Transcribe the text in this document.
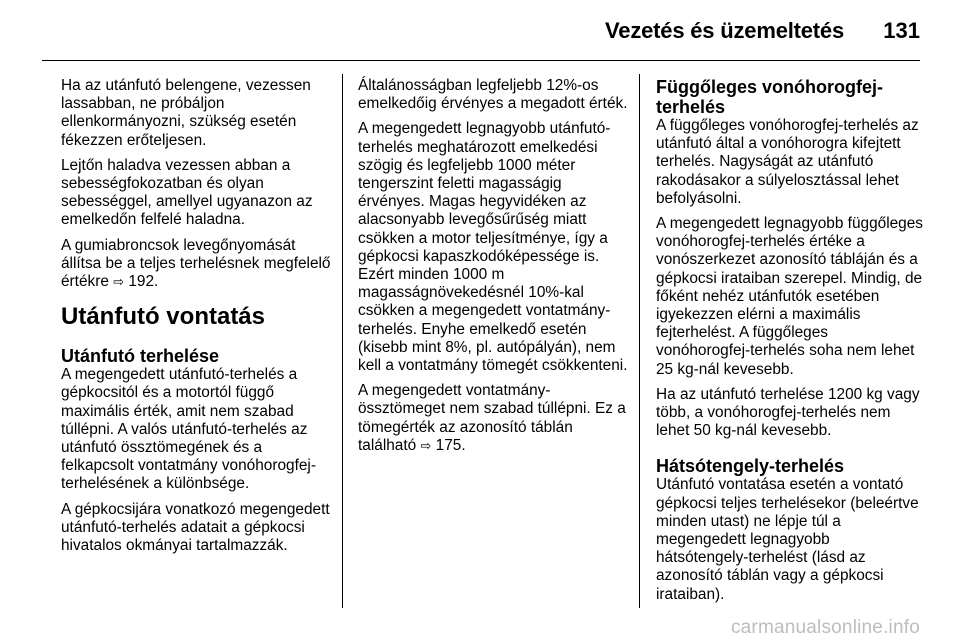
Vezetés és üzemeltetés 131

Ha az utánfutó belengene, vezessen lassabban, ne próbáljon ellenkormányozni, szükség esetén fékezzen erőteljesen.

Lejtőn haladva vezessen abban a sebességfokozatban és olyan sebességgel, amellyel ugyanazon az emelkedőn felfelé haladna.

A gumiabroncsok levegőnyomását állítsa be a teljes terhelésnek megfelelő értékre ⇨ 192.

Utánfutó vontatás
Utánfutó terhelése

A megengedett utánfutó-terhelés a gépkocsitól és a motortól függő maximális érték, amit nem szabad túllépni. A valós utánfutó-terhelés az utánfutó össztömegének és a felkapcsolt vontatmány vonóhorogfej-terhelésének a különbsége.

A gépkocsijára vonatkozó megengedett utánfutó-terhelés adatait a gépkocsi hivatalos okmányai tartalmazzák.

Általánosságban legfeljebb 12%-os emelkedőig érvényes a megadott érték.

A megengedett legnagyobb utánfutó-terhelés meghatározott emelkedési szögig és legfeljebb 1000 méter tengerszint feletti magasságig érvényes. Magas hegyvidéken az alacsonyabb levegősűrűség miatt csökken a motor teljesítménye, így a gépkocsi kapaszkodóképessége is. Ezért minden 1000 m magasságnövekedésnél 10%-kal csökken a megengedett vontatmány-terhelés. Enyhe emelkedő esetén (kisebb mint 8%, pl. autópályán), nem kell a vontatmány tömegét csökkenteni.

A megengedett vontatmány-össztömeget nem szabad túllépni. Ez a tömegérték az azonosító táblán található ⇨ 175.

Függőleges vonóhorogfej-terhelés

A függőleges vonóhorogfej-terhelés az utánfutó által a vonóhorogra kifejtett terhelés. Nagyságát az utánfutó rakodásakor a súlyelosztással lehet befolyásolni.

A megengedett legnagyobb függőleges vonóhorogfej-terhelés értéke a vonószerkezet azonosító tábláján és a gépkocsi irataiban szerepel. Mindig, de főként nehéz utánfutók esetében igyekezzen elérni a maximális fejterhelést. A függőleges vonóhorogfej-terhelés soha nem lehet 25 kg-nál kevesebb.

Ha az utánfutó terhelése 1200 kg vagy több, a vonóhorogfej-terhelés nem lehet 50 kg-nál kevesebb.

Hátsótengely-terhelés

Utánfutó vontatása esetén a vontató gépkocsi teljes terhelésekor (beleértve minden utast) ne lépje túl a megengedett legnagyobb hátsótengely-terhelést (lásd az azonosító táblán vagy a gépkocsi irataiban).

carmanualsonline.info
